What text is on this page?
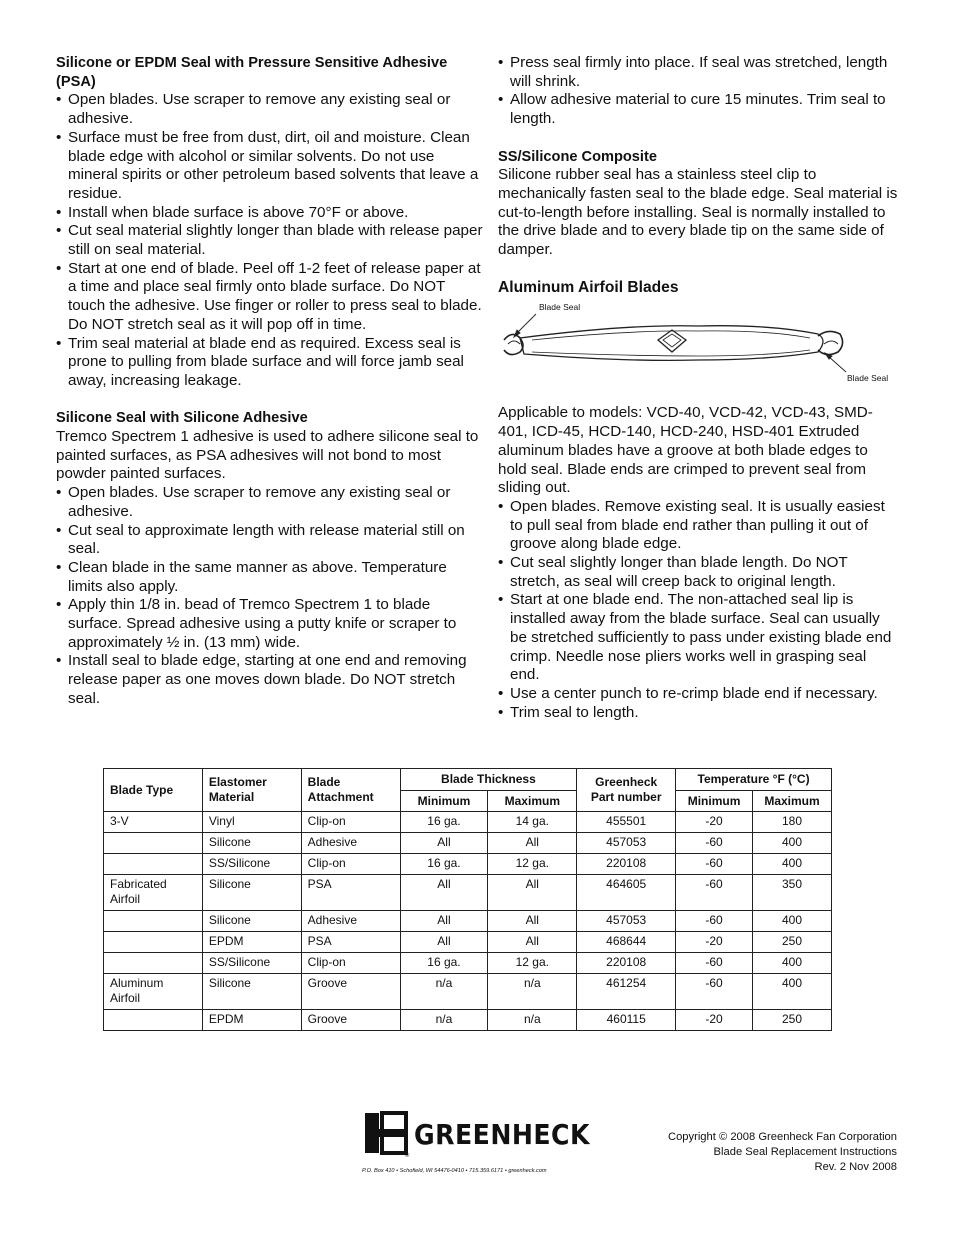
Silicone or EPDM Seal with Pressure Sensitive Adhesive (PSA)
• Open blades. Use scraper to remove any existing seal or adhesive.
• Surface must be free from dust, dirt, oil and moisture. Clean blade edge with alcohol or similar solvents. Do not use mineral spirits or other petroleum based solvents that leave a residue.
• Install when blade surface is above 70°F or above.
• Cut seal material slightly longer than blade with release paper still on seal material.
• Start at one end of blade. Peel off 1-2 feet of release paper at a time and place seal firmly onto blade surface. Do NOT touch the adhesive. Use finger or roller to press seal to blade. Do NOT stretch seal as it will pop off in time.
• Trim seal material at blade end as required. Excess seal is prone to pulling from blade surface and will force jamb seal away, increasing leakage.
Silicone Seal with Silicone Adhesive

Tremco Spectrem 1 adhesive is used to adhere silicone seal to painted surfaces, as PSA adhesives will not bond to most powder painted surfaces.

• Open blades. Use scraper to remove any existing seal or adhesive.
• Cut seal to approximate length with release material still on seal.
• Clean blade in the same manner as above. Temperature limits also apply.
• Apply thin 1/8 in. bead of Tremco Spectrem 1 to blade surface. Spread adhesive using a putty knife or scraper to approximately ½ in. (13 mm) wide.
• Install seal to blade edge, starting at one end and removing release paper as one moves down blade. Do NOT stretch seal.
• Press seal firmly into place. If seal was stretched, length will shrink.
• Allow adhesive material to cure 15 minutes. Trim seal to length.
SS/Silicone Composite

Silicone rubber seal has a stainless steel clip to mechanically fasten seal to the blade edge. Seal material is cut-to-length before installing. Seal is normally installed to the drive blade and to every blade tip on the same side of damper.

Aluminum Airfoil Blades
Blade Seal
Blade Seal

Applicable to models: VCD-40, VCD-42, VCD-43, SMD-401, ICD-45, HCD-140, HCD-240, HSD-401 Extruded aluminum blades have a groove at both blade edges to hold seal. Blade ends are crimped to prevent seal from sliding out.

• Open blades. Remove existing seal. It is usually easiest to pull seal from blade end rather than pulling it out of groove along blade edge.
• Cut seal slightly longer than blade length. Do NOT stretch, as seal will creep back to original length.
• Start at one blade end. The non-attached seal lip is installed away from the blade surface. Seal can usually be stretched sufficiently to pass under existing blade end crimp. Needle nose pliers works well in grasping seal end.
• Use a center punch to re-crimp blade end if necessary.
• Trim seal to length.
Blade Type	Elastomer Material	Blade Attachment	Blade Thickness		Greenheck Part number	Temperature °F (°C)	
			Minimum	Maximum		Minimum	Maximum
3-V	Vinyl	Clip-on	16 ga.	14 ga.	455501	-20	180
	Silicone	Adhesive	All	All	457053	-60	400
	SS/Silicone	Clip-on	16 ga.	12 ga.	220108	-60	400
Fabricated Airfoil	Silicone	PSA	All	All	464605	-60	350
	Silicone	Adhesive	All	All	457053	-60	400
	EPDM	PSA	All	All	468644	-20	250
	SS/Silicone	Clip-on	16 ga.	12 ga.	220108	-60	400
Aluminum Airfoil	Silicone	Groove	n/a	n/a	461254	-60	400
	EPDM	Groove	n/a	n/a	460115	-20	250
®
GREENHECK
P.O. Box 410 • Schofield, WI 54476-0410 • 715.359.6171 • greenheck.com
Copyright © 2008 Greenheck Fan Corporation
Blade Seal Replacement Instructions
Rev. 2 Nov 2008
